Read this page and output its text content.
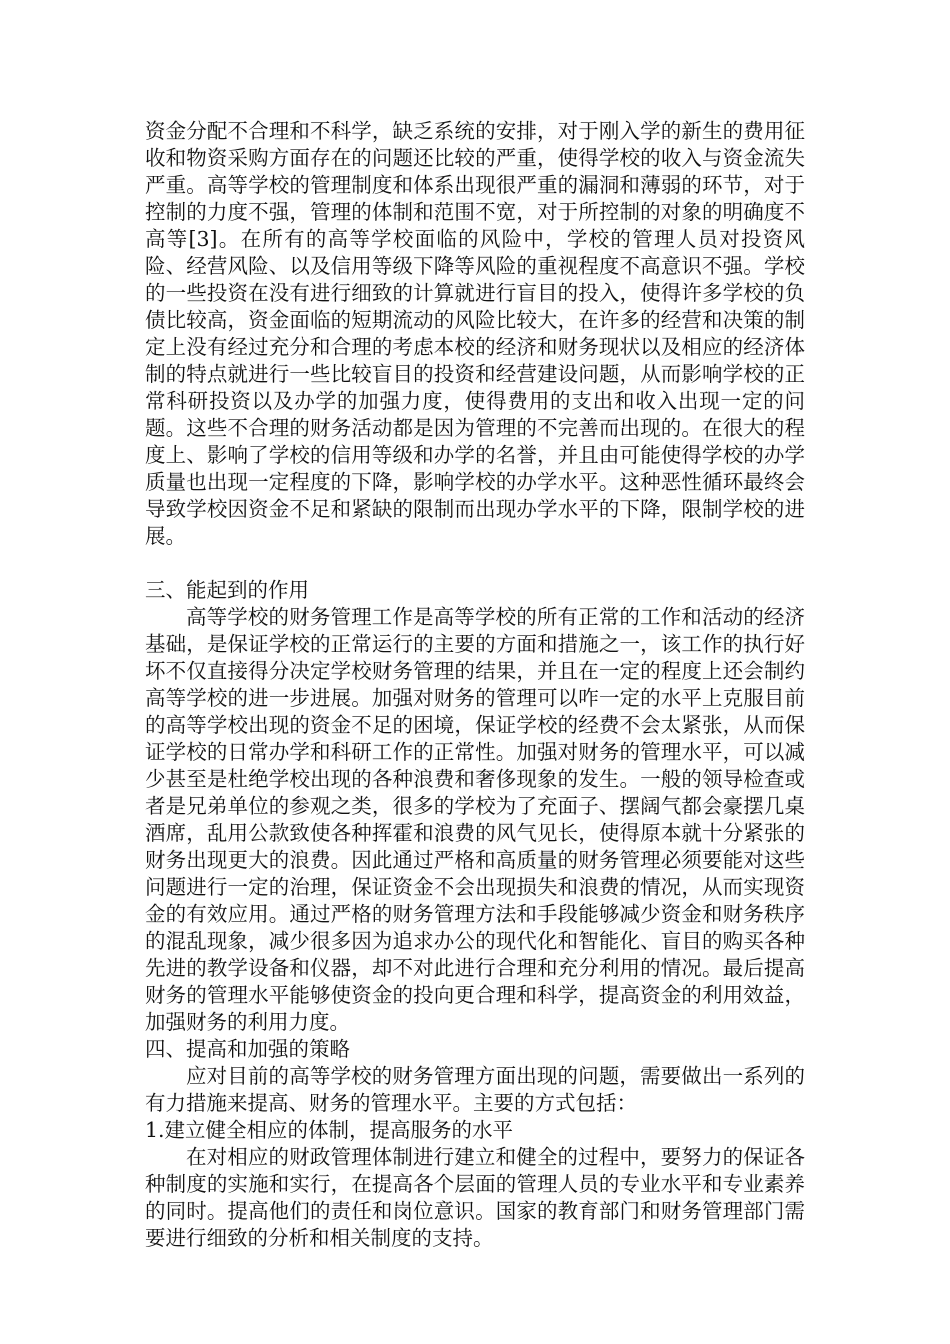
资金分配不合理和不科学，缺乏系统的安排，对于刚入学的新生的费用征收和物资采购方面存在的问题还比较的严重，使得学校的收入与资金流失严重。高等学校的管理制度和体系出现很严重的漏洞和薄弱的环节，对于控制的力度不强，管理的体制和范围不宽，对于所控制的对象的明确度不高等[3]。在所有的高等学校面临的风险中，学校的管理人员对投资风险、经营风险、以及信用等级下降等风险的重视程度不高意识不强。学校的一些投资在没有进行细致的计算就进行盲目的投入，使得许多学校的负债比较高，资金面临的短期流动的风险比较大，在许多的经营和决策的制定上没有经过充分和合理的考虑本校的经济和财务现状以及相应的经济体制的特点就进行一些比较盲目的投资和经营建设问题，从而影响学校的正常科研投资以及办学的加强力度，使得费用的支出和收入出现一定的问题。这些不合理的财务活动都是因为管理的不完善而出现的。在很大的程度上、影响了学校的信用等级和办学的名誉，并且由可能使得学校的办学质量也出现一定程度的下降，影响学校的办学水平。这种恶性循环最终会导致学校因资金不足和紧缺的限制而出现办学水平的下降，限制学校的进展。

三、能起到的作用

高等学校的财务管理工作是高等学校的所有正常的工作和活动的经济基础，是保证学校的正常运行的主要的方面和措施之一，该工作的执行好坏不仅直接得分决定学校财务管理的结果，并且在一定的程度上还会制约高等学校的进一步进展。加强对财务的管理可以咋一定的水平上克服目前的高等学校出现的资金不足的困境，保证学校的经费不会太紧张，从而保证学校的日常办学和科研工作的正常性。加强对财务的管理水平，可以减少甚至是杜绝学校出现的各种浪费和奢侈现象的发生。一般的领导检查或者是兄弟单位的参观之类，很多的学校为了充面子、摆阔气都会豪摆几桌酒席，乱用公款致使各种挥霍和浪费的风气见长，使得原本就十分紧张的财务出现更大的浪费。因此通过严格和高质量的财务管理必须要能对这些问题进行一定的治理，保证资金不会出现损失和浪费的情况，从而实现资金的有效应用。通过严格的财务管理方法和手段能够减少资金和财务秩序的混乱现象，减少很多因为追求办公的现代化和智能化、盲目的购买各种先进的教学设备和仪器，却不对此进行合理和充分利用的情况。最后提高财务的管理水平能够使资金的投向更合理和科学，提高资金的利用效益，加强财务的利用力度。

四、提高和加强的策略

应对目前的高等学校的财务管理方面出现的问题，需要做出一系列的有力措施来提高、财务的管理水平。主要的方式包括：

1.建立健全相应的体制，提高服务的水平

在对相应的财政管理体制进行建立和健全的过程中，要努力的保证各种制度的实施和实行，在提高各个层面的管理人员的专业水平和专业素养的同时。提高他们的责任和岗位意识。国家的教育部门和财务管理部门需要进行细致的分析和相关制度的支持。
